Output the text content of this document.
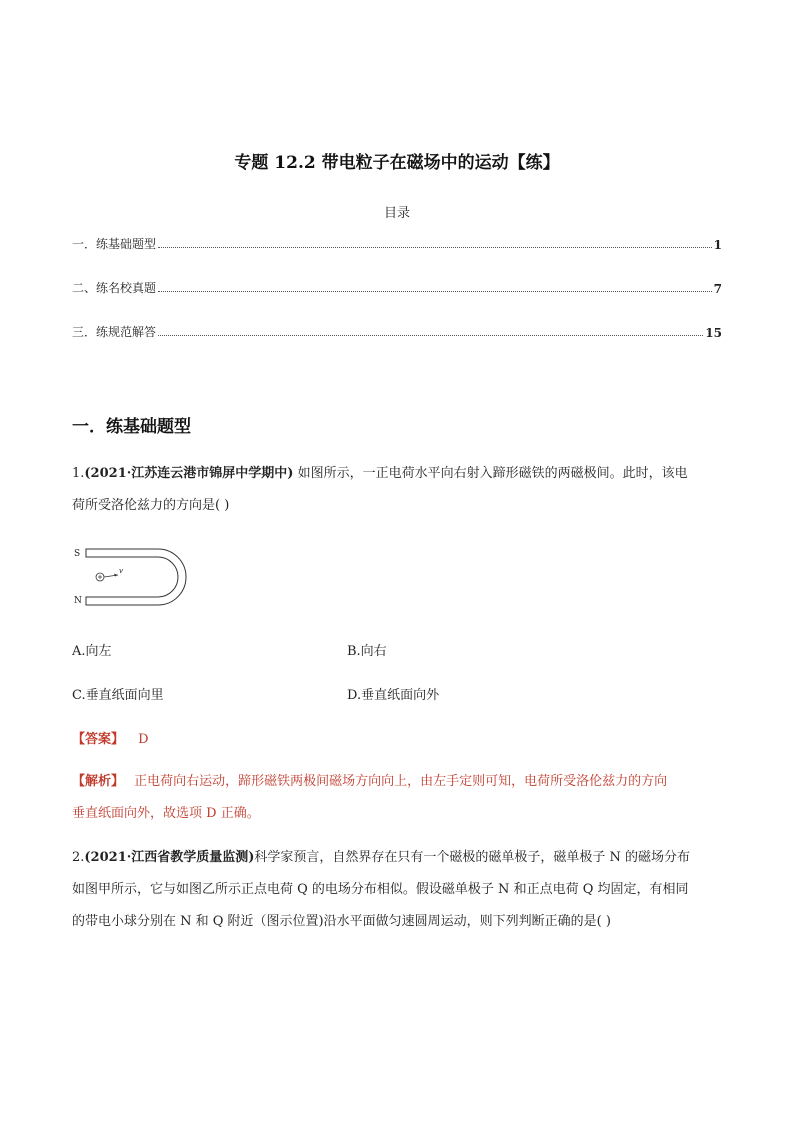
专题 12.2 带电粒子在磁场中的运动【练】
目录
一．练基础题型	1
二、练名校真题	7
三．练规范解答	15
一．练基础题型
1.(2021·江苏连云港市锦屏中学期中) 如图所示，一正电荷水平向右射入蹄形磁铁的两磁极间。此时，该电
荷所受洛伦兹力的方向是( )
S
N
v
A.向左	B.向右
C.垂直纸面向里	D.垂直纸面向外
【答案】 D
【解析】 正电荷向右运动，蹄形磁铁两极间磁场方向向上，由左手定则可知，电荷所受洛伦兹力的方向
垂直纸面向外，故选项 D 正确。
2.(2021·江西省教学质量监测)科学家预言，自然界存在只有一个磁极的磁单极子，磁单极子 N 的磁场分布
如图甲所示，它与如图乙所示正点电荷 Q 的电场分布相似。假设磁单极子 N 和正点电荷 Q 均固定，有相同
的带电小球分别在 N 和 Q 附近（图示位置)沿水平面做匀速圆周运动，则下列判断正确的是( )
